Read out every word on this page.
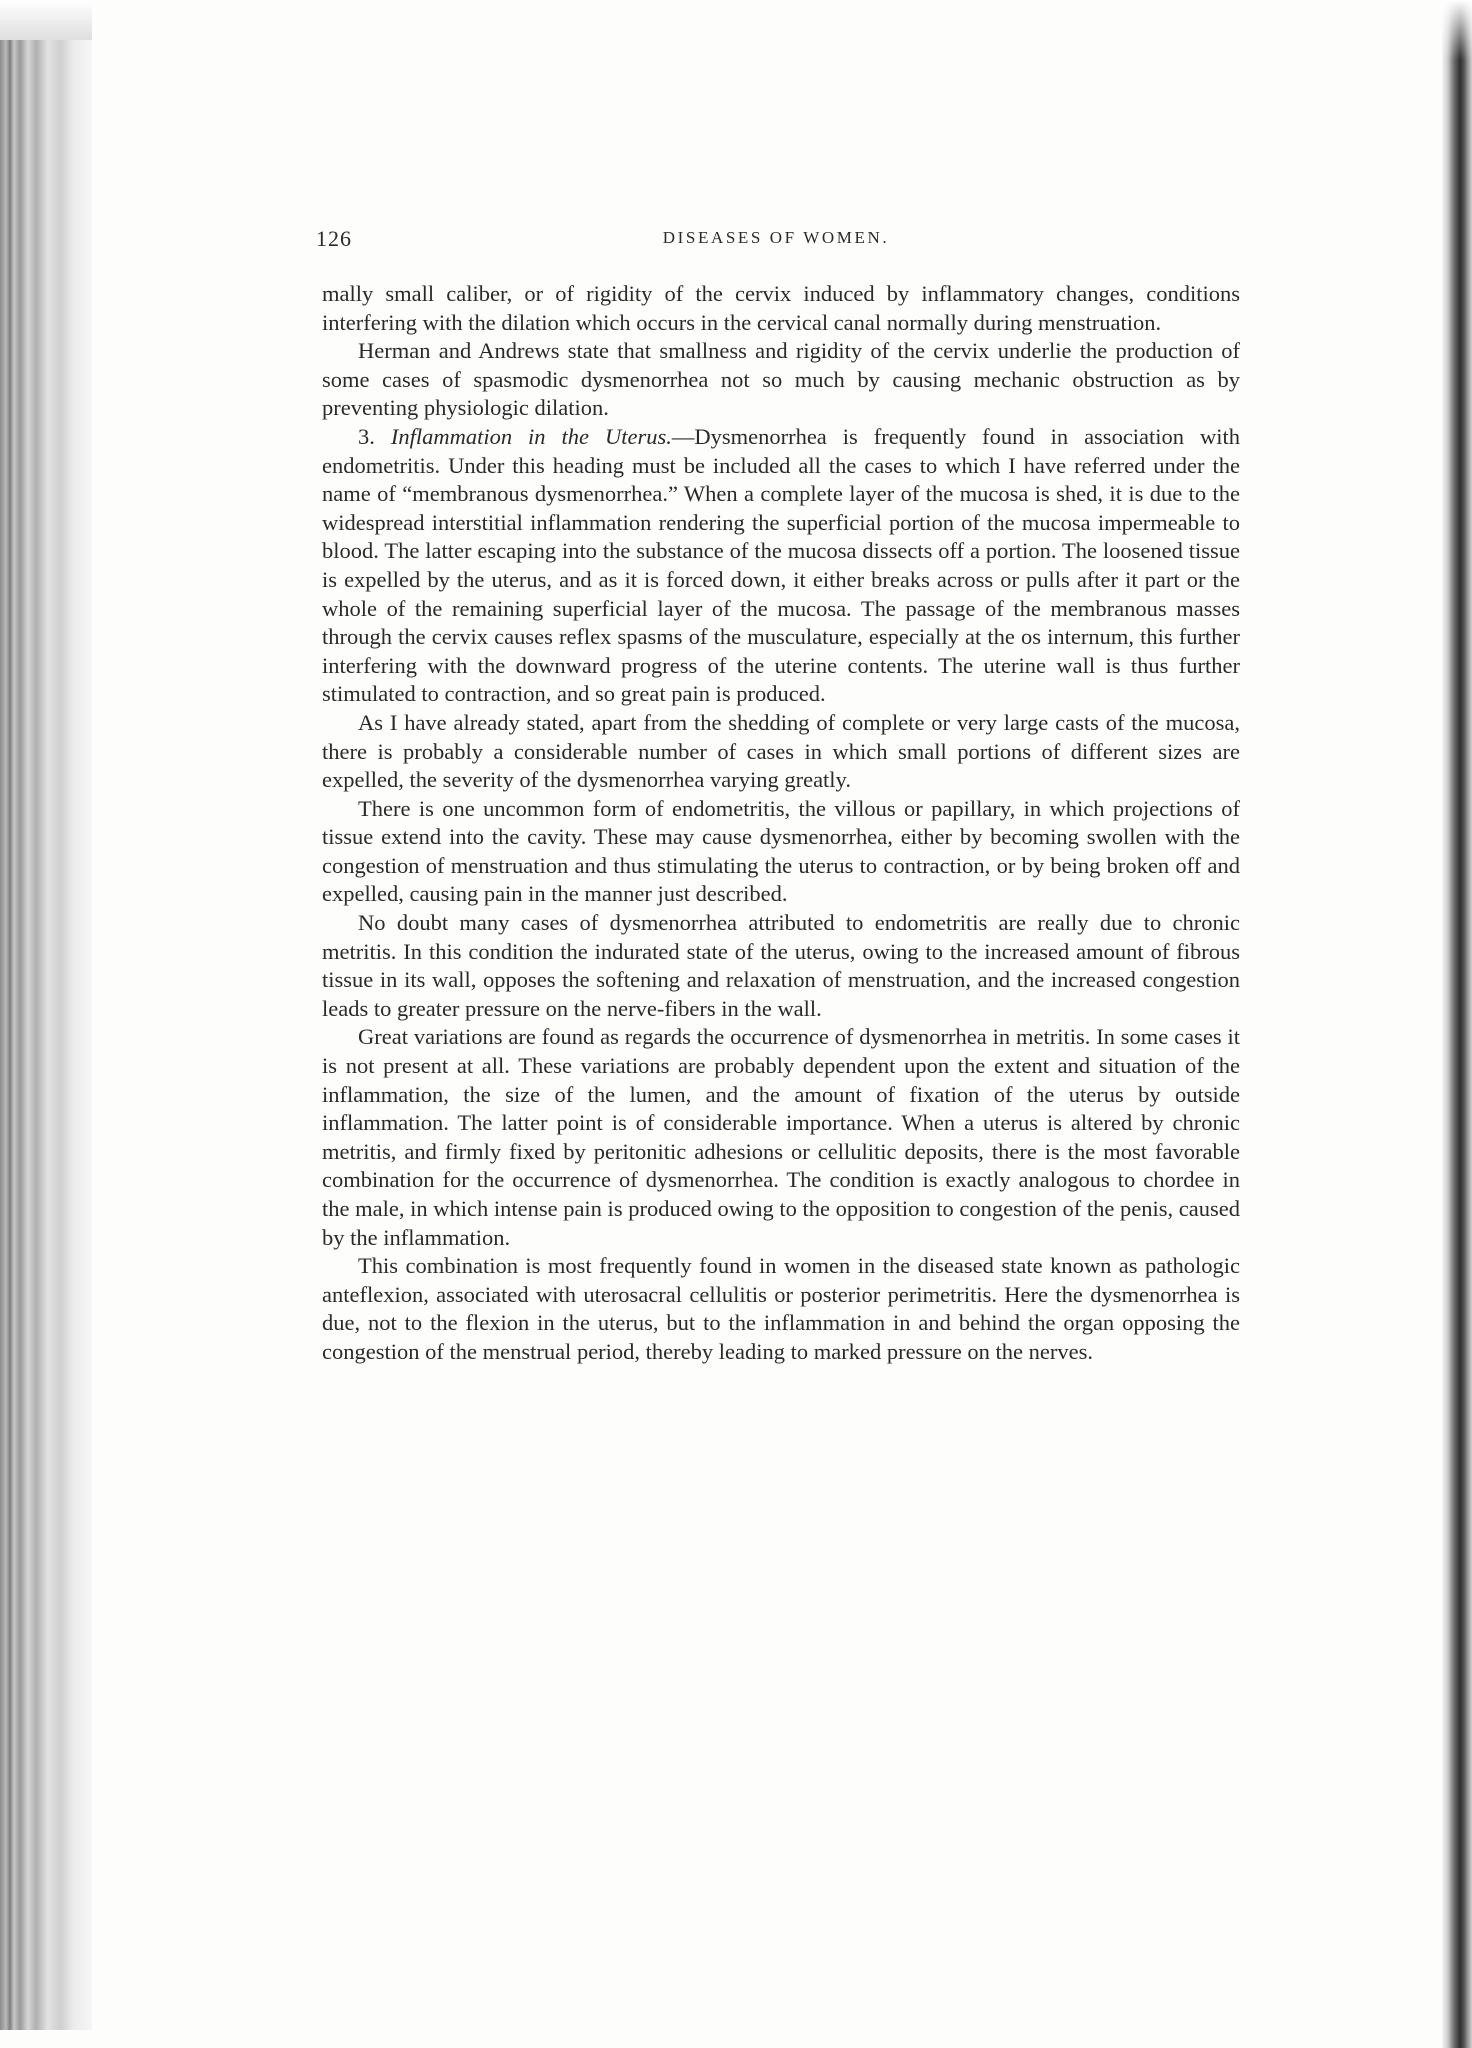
126	DISEASES OF WOMEN.

mally small caliber, or of rigidity of the cervix induced by inflammatory changes, conditions interfering with the dilation which occurs in the cervical canal normally during menstruation.

Herman and Andrews state that smallness and rigidity of the cervix underlie the production of some cases of spasmodic dysmenorrhea not so much by causing mechanic obstruction as by preventing physiologic dilation.

3. Inflammation in the Uterus.—Dysmenorrhea is frequently found in association with endometritis. Under this heading must be included all the cases to which I have referred under the name of “membranous dysmenorrhea.” When a complete layer of the mucosa is shed, it is due to the widespread interstitial inflammation rendering the superficial portion of the mucosa impermeable to blood. The latter escaping into the substance of the mucosa dissects off a portion. The loosened tissue is expelled by the uterus, and as it is forced down, it either breaks across or pulls after it part or the whole of the remaining superficial layer of the mucosa. The passage of the membranous masses through the cervix causes reflex spasms of the musculature, especially at the os internum, this further interfering with the downward progress of the uterine contents. The uterine wall is thus further stimulated to contraction, and so great pain is produced.

As I have already stated, apart from the shedding of complete or very large casts of the mucosa, there is probably a considerable number of cases in which small portions of different sizes are expelled, the severity of the dysmenorrhea varying greatly.

There is one uncommon form of endometritis, the villous or papillary, in which projections of tissue extend into the cavity. These may cause dysmenorrhea, either by becoming swollen with the congestion of menstruation and thus stimulating the uterus to contraction, or by being broken off and expelled, causing pain in the manner just described.

No doubt many cases of dysmenorrhea attributed to endometritis are really due to chronic metritis. In this condition the indurated state of the uterus, owing to the increased amount of fibrous tissue in its wall, opposes the softening and relaxation of menstruation, and the increased congestion leads to greater pressure on the nerve-fibers in the wall.

Great variations are found as regards the occurrence of dysmenorrhea in metritis. In some cases it is not present at all. These variations are probably dependent upon the extent and situation of the inflammation, the size of the lumen, and the amount of fixation of the uterus by outside inflammation. The latter point is of considerable importance. When a uterus is altered by chronic metritis, and firmly fixed by peritonitic adhesions or cellulitic deposits, there is the most favorable combination for the occurrence of dysmenorrhea. The condition is exactly analogous to chordee in the male, in which intense pain is produced owing to the opposition to congestion of the penis, caused by the inflammation.

This combination is most frequently found in women in the diseased state known as pathologic anteflexion, associated with uterosacral cellulitis or posterior perimetritis. Here the dysmenorrhea is due, not to the flexion in the uterus, but to the inflammation in and behind the organ opposing the congestion of the menstrual period, thereby leading to marked pressure on the nerves.
